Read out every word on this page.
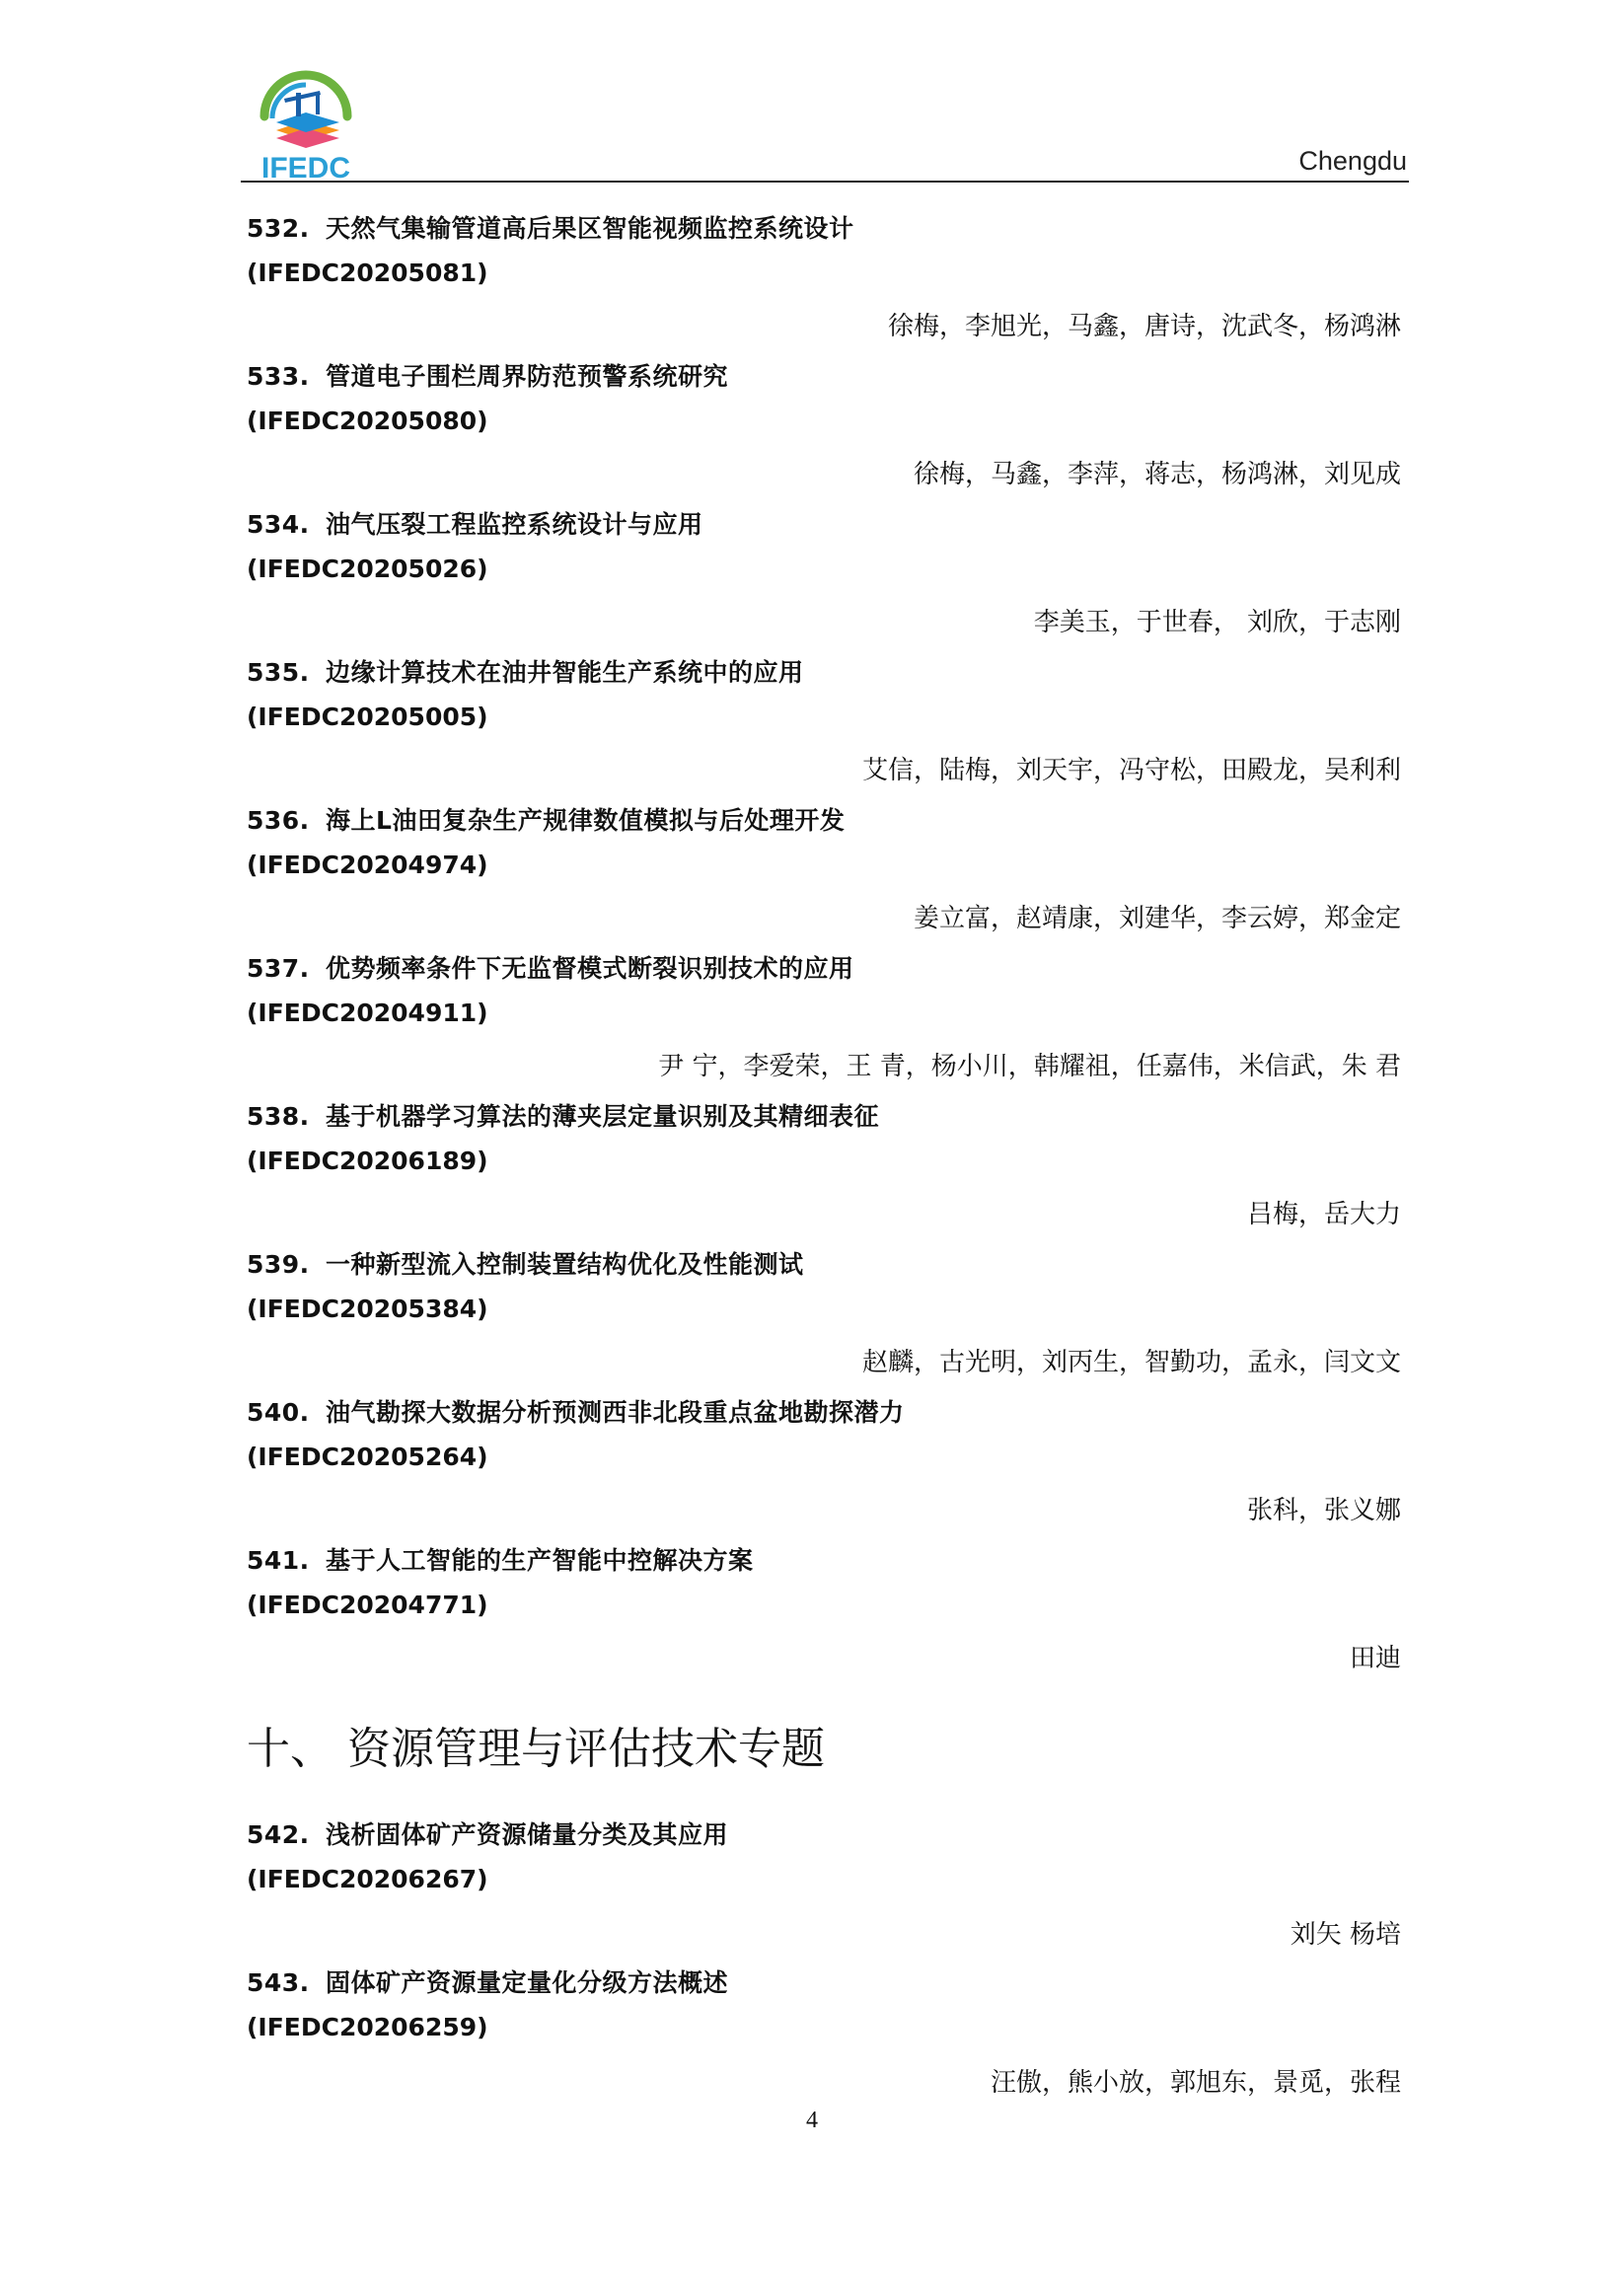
IFEDC	Chengdu
532. 天然气集输管道高后果区智能视频监控系统设计
(IFEDC20205081)
徐梅，李旭光，马鑫，唐诗，沈武冬，杨鸿淋
533. 管道电子围栏周界防范预警系统研究
(IFEDC20205080)
徐梅，马鑫，李萍，蒋志，杨鸿淋，刘见成
534. 油气压裂工程监控系统设计与应用
(IFEDC20205026)
李美玉，于世春， 刘欣，于志刚
535. 边缘计算技术在油井智能生产系统中的应用
(IFEDC20205005)
艾信，陆梅，刘天宇，冯守松，田殿龙，吴利利
536. 海上L油田复杂生产规律数值模拟与后处理开发
(IFEDC20204974)
姜立富，赵靖康，刘建华，李云婷，郑金定
537. 优势频率条件下无监督模式断裂识别技术的应用
(IFEDC20204911)
尹 宁，李爱荣，王 青，杨小川，韩耀祖，任嘉伟，米信武，朱 君
538. 基于机器学习算法的薄夹层定量识别及其精细表征
(IFEDC20206189)
吕梅，岳大力
539. 一种新型流入控制装置结构优化及性能测试
(IFEDC20205384)
赵麟，古光明，刘丙生，智勤功，孟永，闫文文
540. 油气勘探大数据分析预测西非北段重点盆地勘探潜力
(IFEDC20205264)
张科，张义娜
541. 基于人工智能的生产智能中控解决方案
(IFEDC20204771)
田迪
十、 资源管理与评估技术专题
542. 浅析固体矿产资源储量分类及其应用
(IFEDC20206267)
刘矢 杨培
543. 固体矿产资源量定量化分级方法概述
(IFEDC20206259)
汪傲，熊小放，郭旭东，景觅，张程
4
